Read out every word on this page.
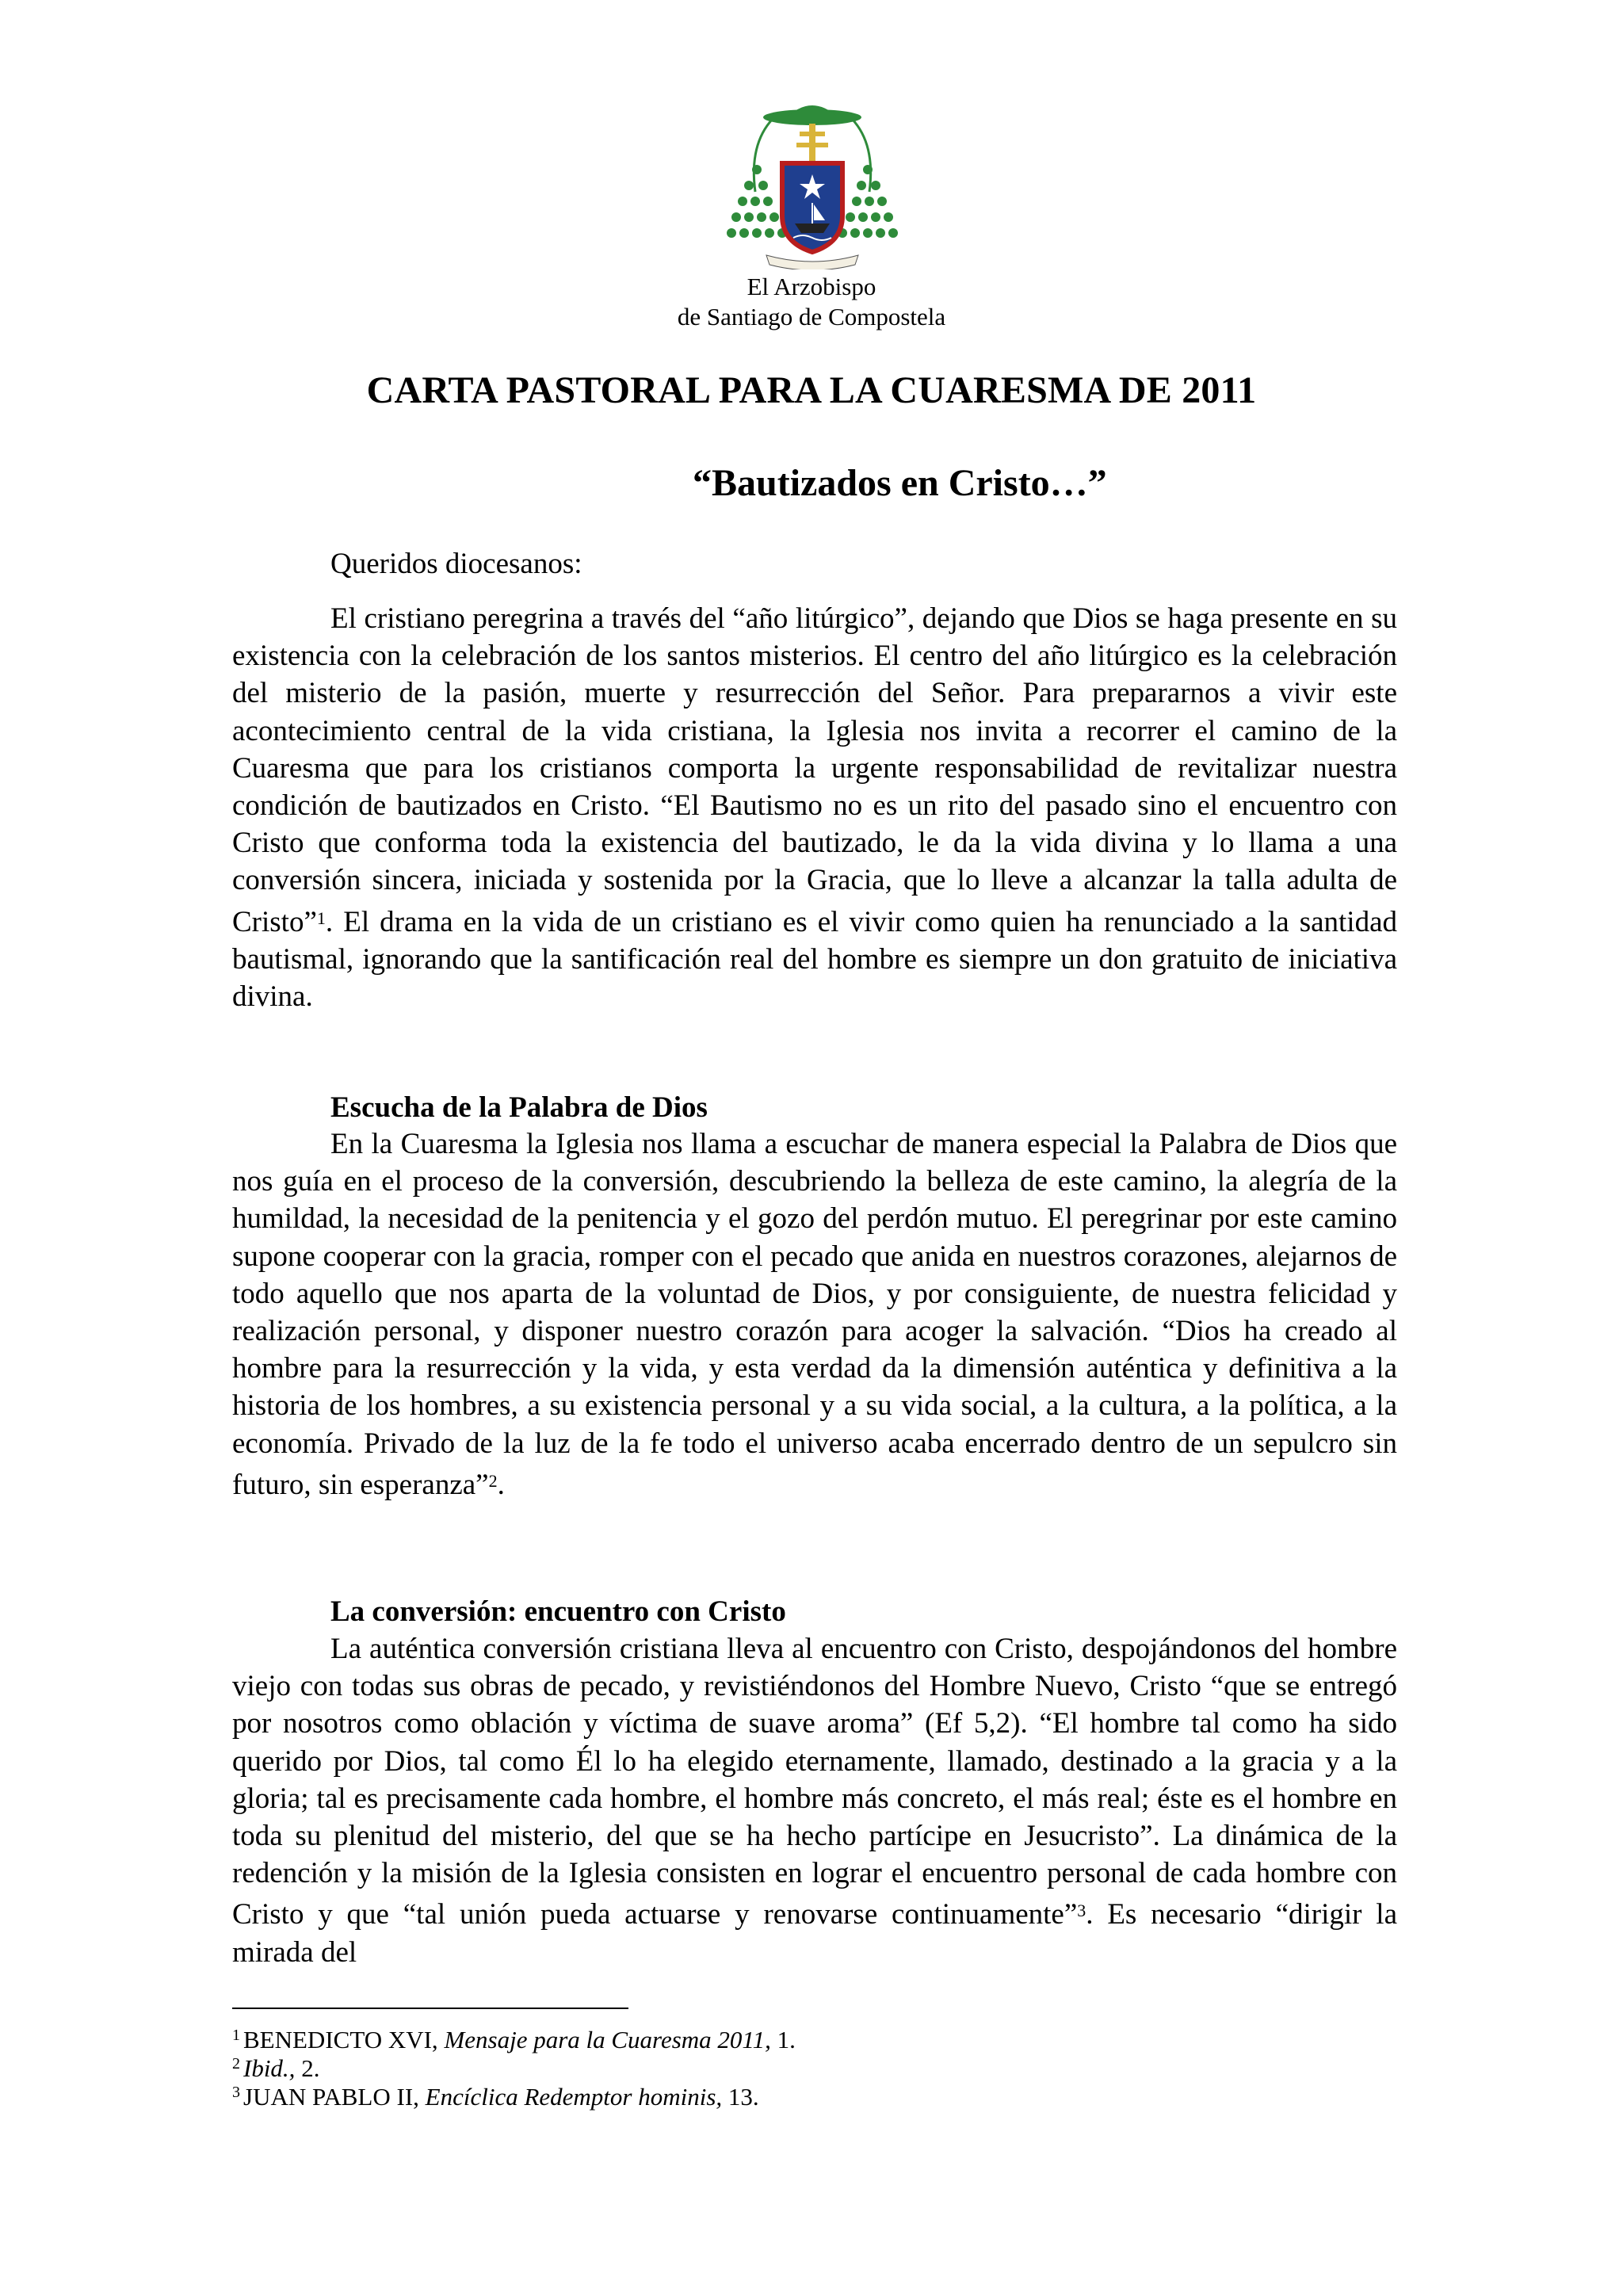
El Arzobispo
de Santiago de Compostela
CARTA PASTORAL PARA LA CUARESMA DE 2011
“Bautizados en Cristo…”
Queridos diocesanos:

El cristiano peregrina a través del “año litúrgico”, dejando que Dios se haga presente en su existencia con la celebración de los santos misterios. El centro del año litúrgico es la celebración del misterio de la pasión, muerte y resurrección del Señor. Para prepararnos a vivir este acontecimiento central de la vida cristiana, la Iglesia nos invita a recorrer el camino de la Cuaresma que para los cristianos comporta la urgente responsabilidad de revitalizar nuestra condición de bautizados en Cristo. “El Bautismo no es un rito del pasado sino el encuentro con Cristo que conforma toda la existencia del bautizado, le da la vida divina y lo llama a una conversión sincera, iniciada y sostenida por la Gracia, que lo lleve a alcanzar la talla adulta de Cristo”$^1$. El drama en la vida de un cristiano es el vivir como quien ha renunciado a la santidad bautismal, ignorando que la santificación real del hombre es siempre un don gratuito de iniciativa divina.

Escucha de la Palabra de Dios

En la Cuaresma la Iglesia nos llama a escuchar de manera especial la Palabra de Dios que nos guía en el proceso de la conversión, descubriendo la belleza de este camino, la alegría de la humildad, la necesidad de la penitencia y el gozo del perdón mutuo. El peregrinar por este camino supone cooperar con la gracia, romper con el pecado que anida en nuestros corazones, alejarnos de todo aquello que nos aparta de la voluntad de Dios, y por consiguiente, de nuestra felicidad y realización personal, y disponer nuestro corazón para acoger la salvación. “Dios ha creado al hombre para la resurrección y la vida, y esta verdad da la dimensión auténtica y definitiva a la historia de los hombres, a su existencia personal y a su vida social, a la cultura, a la política, a la economía. Privado de la luz de la fe todo el universo acaba encerrado dentro de un sepulcro sin futuro, sin esperanza”$^2$.

La conversión: encuentro con Cristo

La auténtica conversión cristiana lleva al encuentro con Cristo, despojándonos del hombre viejo con todas sus obras de pecado, y revistiéndonos del Hombre Nuevo, Cristo “que se entregó por nosotros como oblación y víctima de suave aroma” (Ef 5,2). “El hombre tal como ha sido querido por Dios, tal como Él lo ha elegido eternamente, llamado, destinado a la gracia y a la gloria; tal es precisamente cada hombre, el hombre más concreto, el más real; éste es el hombre en toda su plenitud del misterio, del que se ha hecho partícipe en Jesucristo”. La dinámica de la redención y la misión de la Iglesia consisten en lograr el encuentro personal de cada hombre con Cristo y que “tal unión pueda actuarse y renovarse continuamente”$^3$. Es necesario “dirigir la mirada del

$^1$ BENEDICTO XVI, Mensaje para la Cuaresma 2011, 1.
$^2$ Ibid., 2.
$^3$ JUAN PABLO II, Encíclica Redemptor hominis, 13.
